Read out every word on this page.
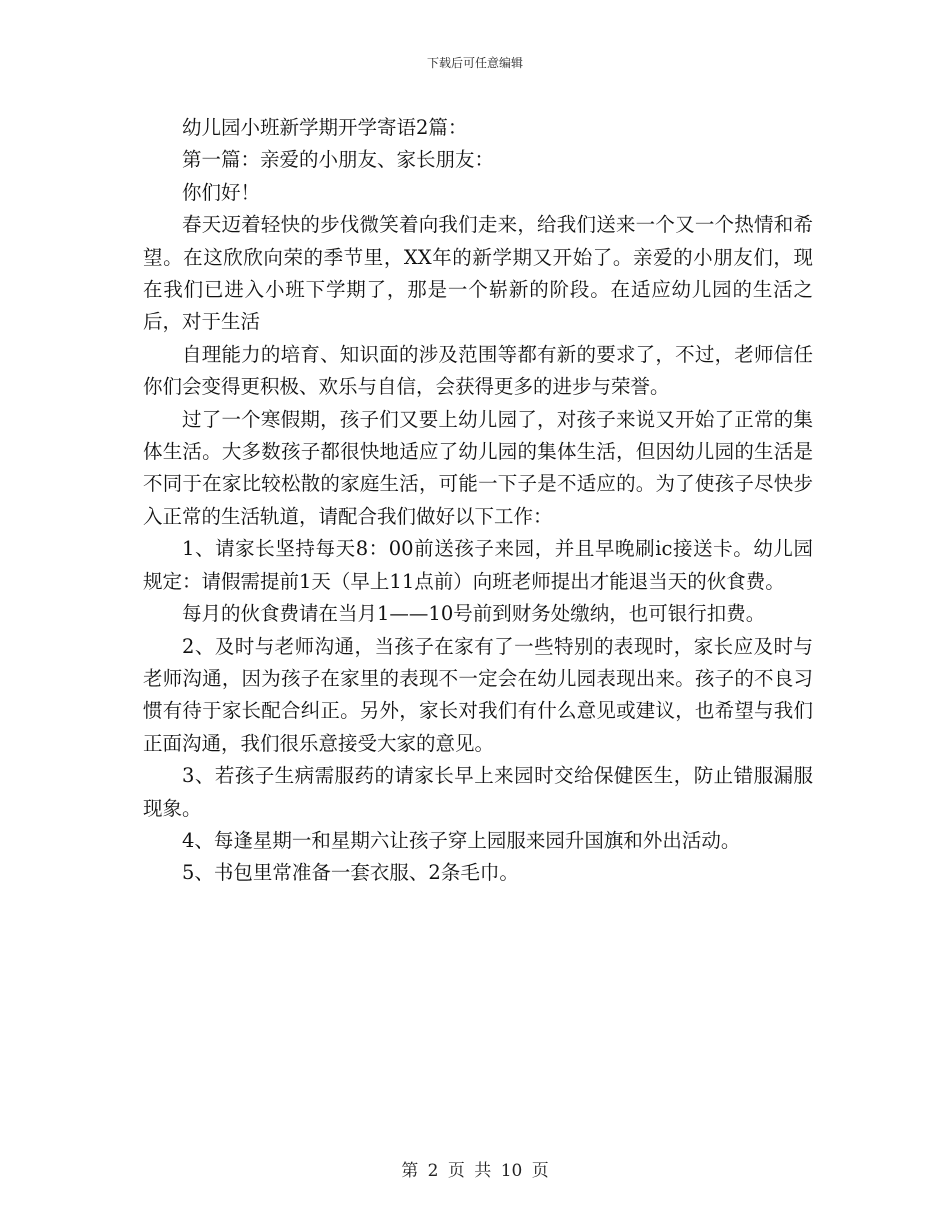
下载后可任意编辑

幼儿园小班新学期开学寄语2篇：

第一篇：亲爱的小朋友、家长朋友：

你们好！

春天迈着轻快的步伐微笑着向我们走来，给我们送来一个又一个热情和希望。在这欣欣向荣的季节里，XX年的新学期又开始了。亲爱的小朋友们，现在我们已进入小班下学期了，那是一个崭新的阶段。在适应幼儿园的生活之后，对于生活

自理能力的培育、知识面的涉及范围等都有新的要求了，不过，老师信任你们会变得更积极、欢乐与自信，会获得更多的进步与荣誉。

过了一个寒假期，孩子们又要上幼儿园了，对孩子来说又开始了正常的集体生活。大多数孩子都很快地适应了幼儿园的集体生活，但因幼儿园的生活是不同于在家比较松散的家庭生活，可能一下子是不适应的。为了使孩子尽快步入正常的生活轨道，请配合我们做好以下工作：

1、请家长坚持每天8：00前送孩子来园，并且早晚刷ic接送卡。幼儿园规定：请假需提前1天（早上11点前）向班老师提出才能退当天的伙食费。

每月的伙食费请在当月1——10号前到财务处缴纳，也可银行扣费。

2、及时与老师沟通，当孩子在家有了一些特别的表现时，家长应及时与老师沟通，因为孩子在家里的表现不一定会在幼儿园表现出来。孩子的不良习惯有待于家长配合纠正。另外，家长对我们有什么意见或建议，也希望与我们正面沟通，我们很乐意接受大家的意见。

3、若孩子生病需服药的请家长早上来园时交给保健医生，防止错服漏服现象。

4、每逢星期一和星期六让孩子穿上园服来园升国旗和外出活动。

5、书包里常准备一套衣服、2条毛巾。

第 2 页 共 10 页
